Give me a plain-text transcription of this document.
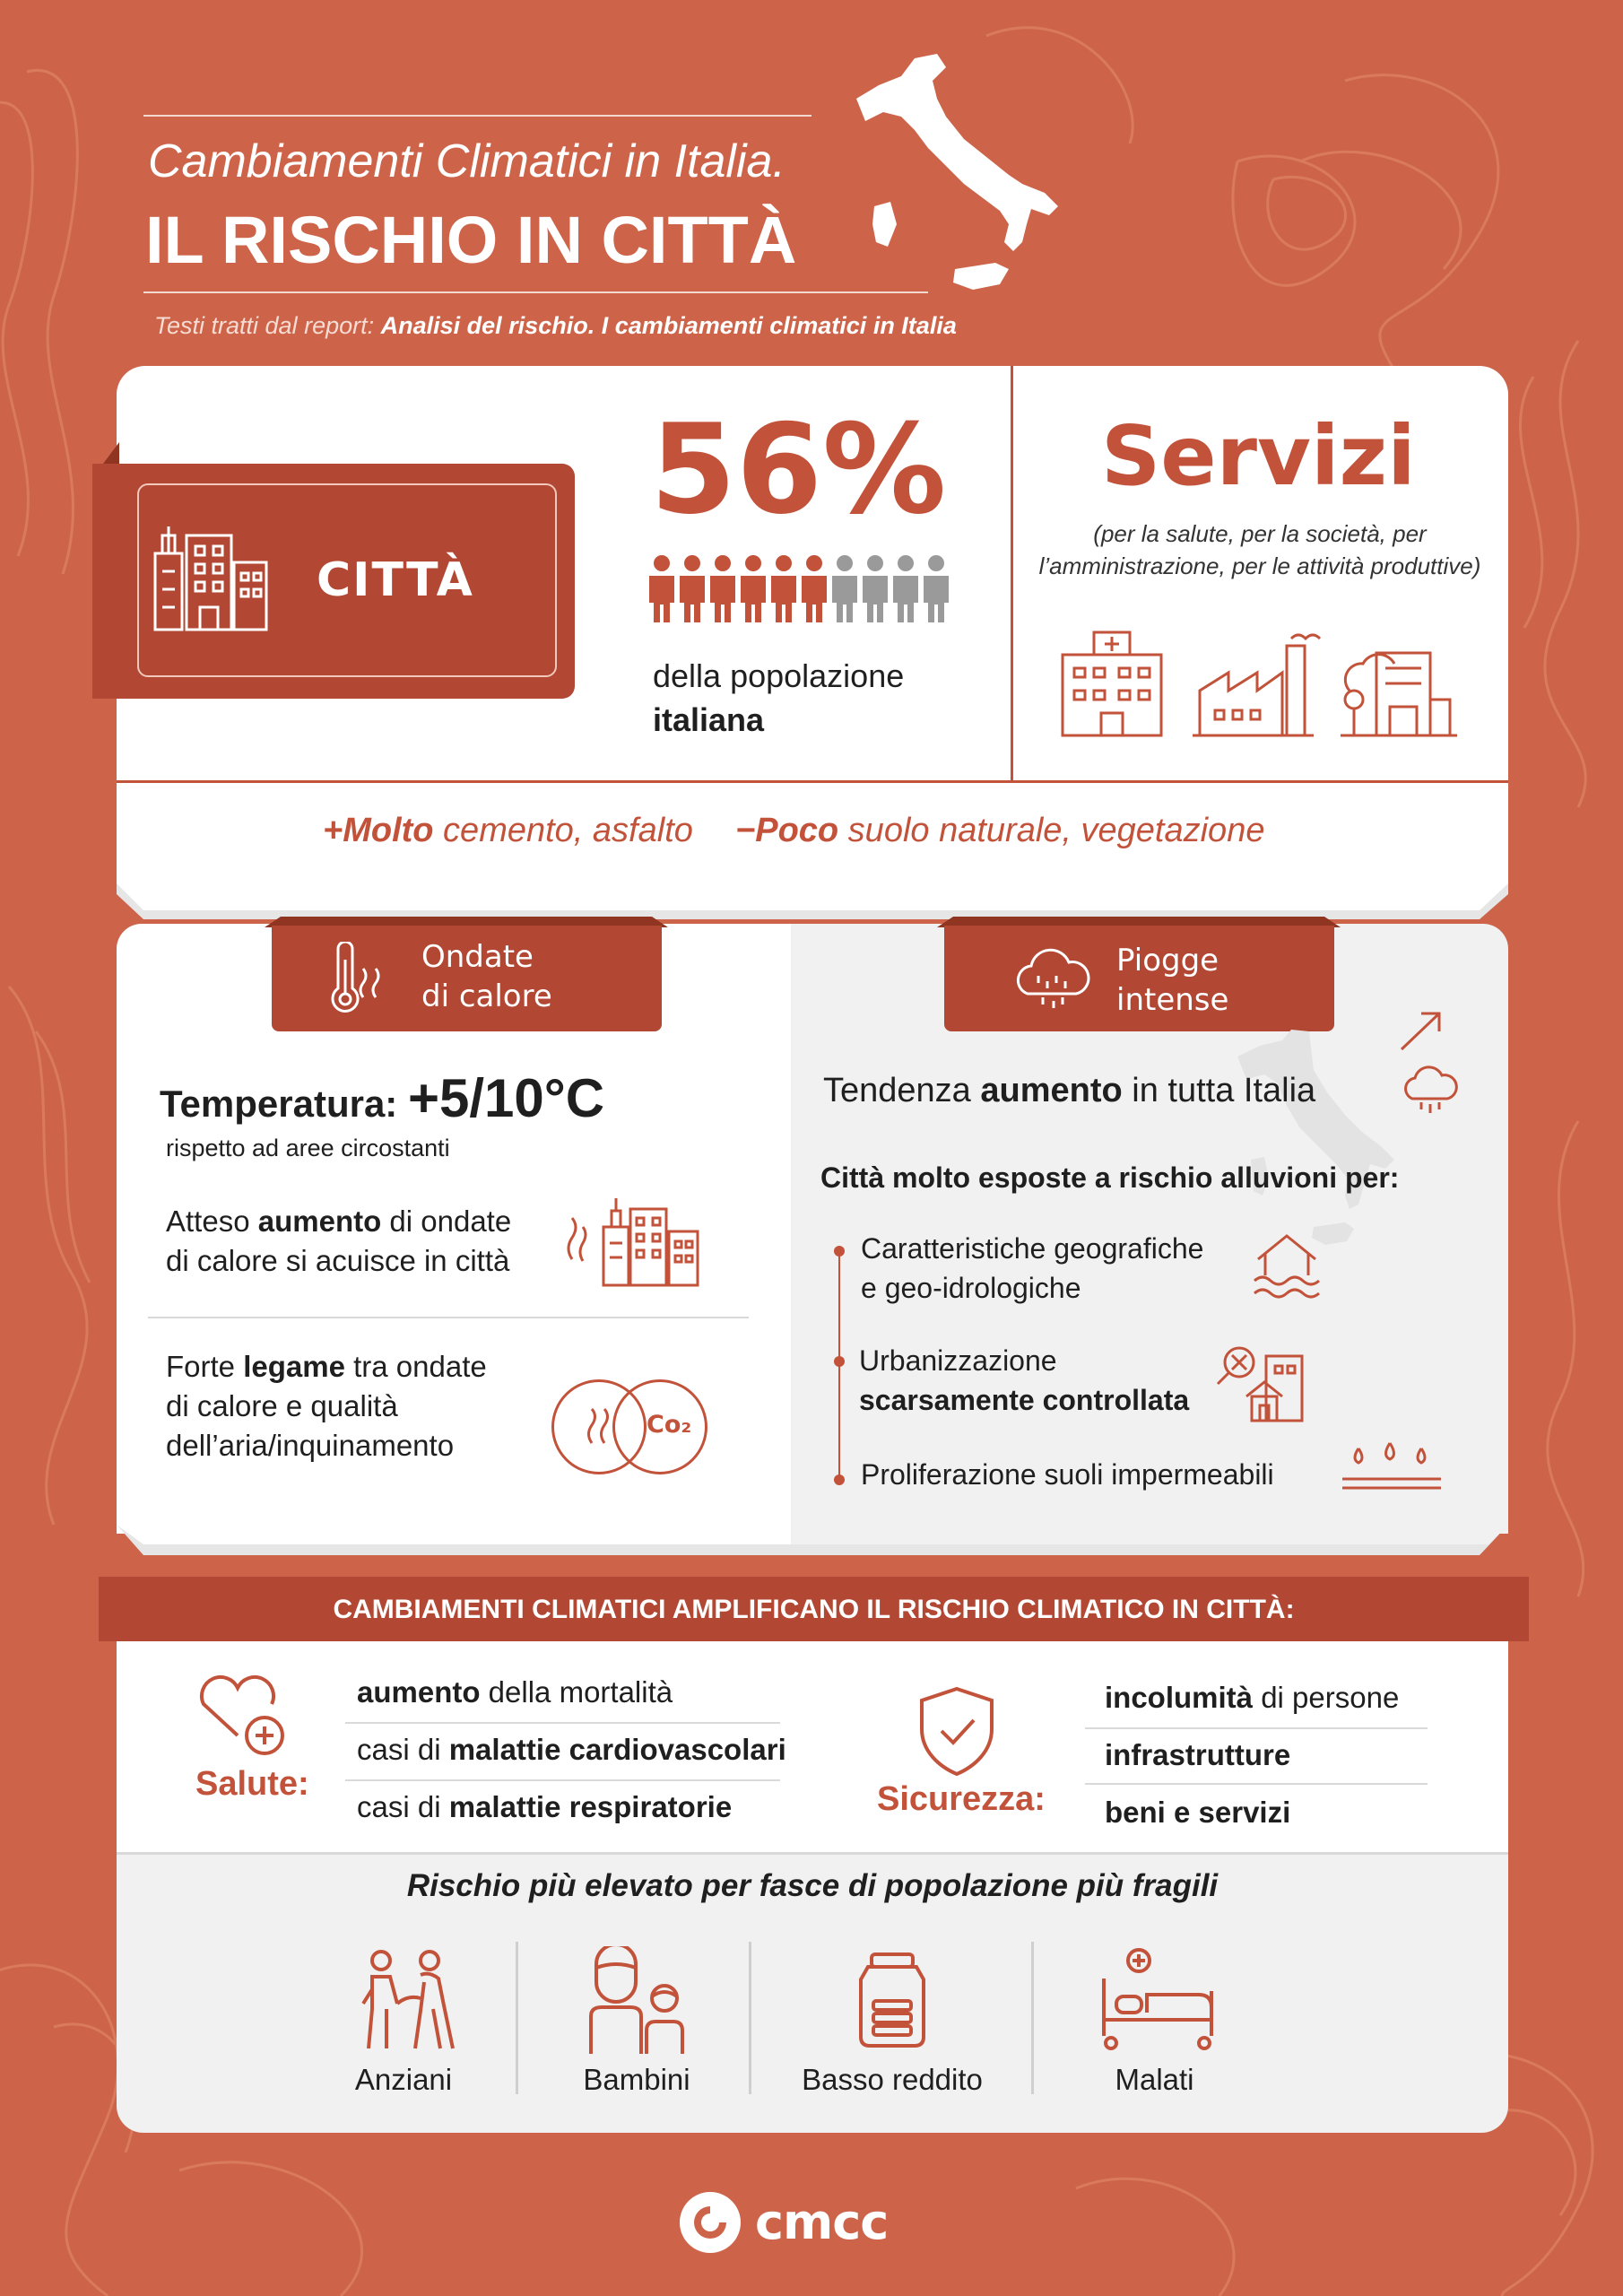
Cambiamenti Climatici in Italia.
IL RISCHIO IN CITTÀ
Testi tratti dal report: Analisi del rischio. I cambiamenti climatici in Italia
CITTÀ
56%
della popolazione
italiana
Servizi
(per la salute, per la società, per l’amministrazione, per le attività produttive)
+Molto cemento, asfalto −Poco suolo naturale, vegetazione
Ondate
di calore
Piogge
intense
Temperatura: +5/10°C
rispetto ad aree circostanti
Atteso aumento di ondate
di calore si acuisce in città
Forte legame tra ondate
di calore e qualità
dell’aria/inquinamento
Co₂
Tendenza aumento in tutta Italia
Città molto esposte a rischio alluvioni per:
Caratteristiche geografiche
e geo-idrologiche
Urbanizzazione
scarsamente controllata
Proliferazione suoli impermeabili
CAMBIAMENTI CLIMATICI AMPLIFICANO IL RISCHIO CLIMATICO IN CITTÀ:
Salute:
aumento della mortalità
casi di malattie cardiovascolari
casi di malattie respiratorie	Sicurezza:
incolumità di persone
infrastrutture
beni e servizi
Rischio più elevato per fasce di popolazione più fragili
Anziani	Bambini	Basso reddito	Malati
cmcc
